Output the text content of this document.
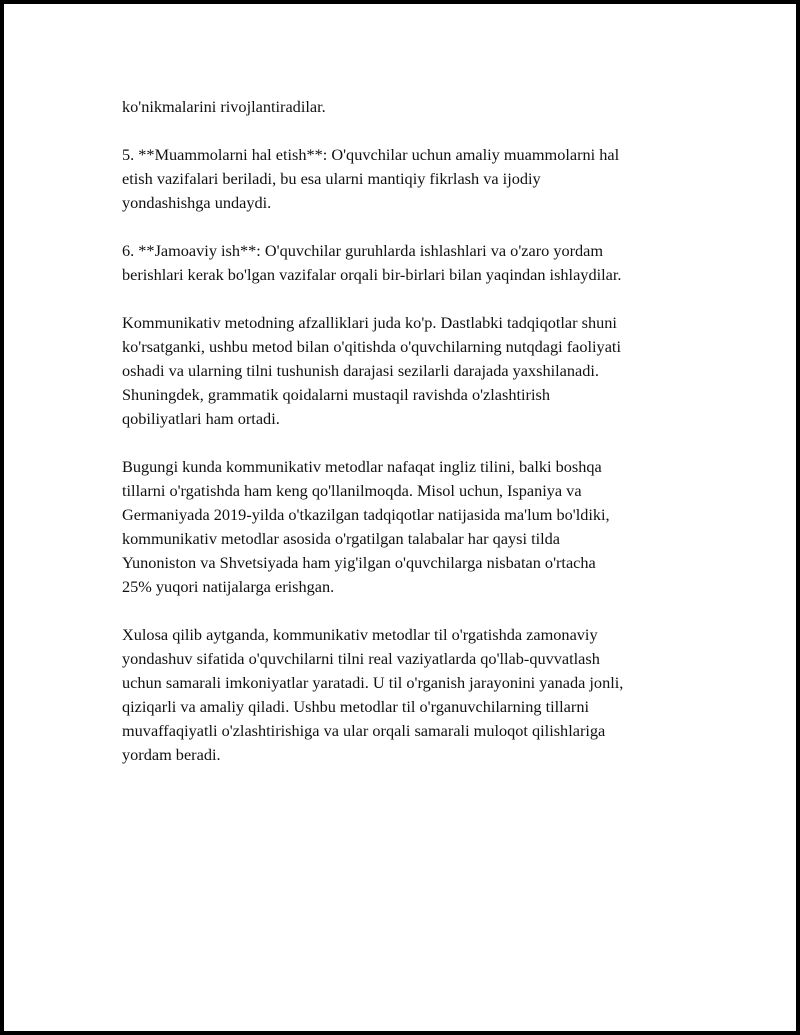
ko'nikmalarini rivojlantiradilar.

5. **Muammolarni hal etish**: O'quvchilar uchun amaliy muammolarni hal
etish vazifalari beriladi, bu esa ularni mantiqiy fikrlash va ijodiy
yondashishga undaydi.

6. **Jamoaviy ish**: O'quvchilar guruhlarda ishlashlari va o'zaro yordam
berishlari kerak bo'lgan vazifalar orqali bir-birlari bilan yaqindan ishlaydilar.

Kommunikativ metodning afzalliklari juda ko'p. Dastlabki tadqiqotlar shuni
ko'rsatganki, ushbu metod bilan o'qitishda o'quvchilarning nutqdagi faoliyati
oshadi va ularning tilni tushunish darajasi sezilarli darajada yaxshilanadi.
Shuningdek, grammatik qoidalarni mustaqil ravishda o'zlashtirish
qobiliyatlari ham ortadi.

Bugungi kunda kommunikativ metodlar nafaqat ingliz tilini, balki boshqa
tillarni o'rgatishda ham keng qo'llanilmoqda. Misol uchun, Ispaniya va
Germaniyada 2019-yilda o'tkazilgan tadqiqotlar natijasida ma'lum bo'ldiki,
kommunikativ metodlar asosida o'rgatilgan talabalar har qaysi tilda
Yunoniston va Shvetsiyada ham yig'ilgan o'quvchilarga nisbatan o'rtacha
25% yuqori natijalarga erishgan.

Xulosa qilib aytganda, kommunikativ metodlar til o'rgatishda zamonaviy
yondashuv sifatida o'quvchilarni tilni real vaziyatlarda qo'llab-quvvatlash
uchun samarali imkoniyatlar yaratadi. U til o'rganish jarayonini yanada jonli,
qiziqarli va amaliy qiladi. Ushbu metodlar til o'rganuvchilarning tillarni
muvaffaqiyatli o'zlashtirishiga va ular orqali samarali muloqot qilishlariga
yordam beradi.
